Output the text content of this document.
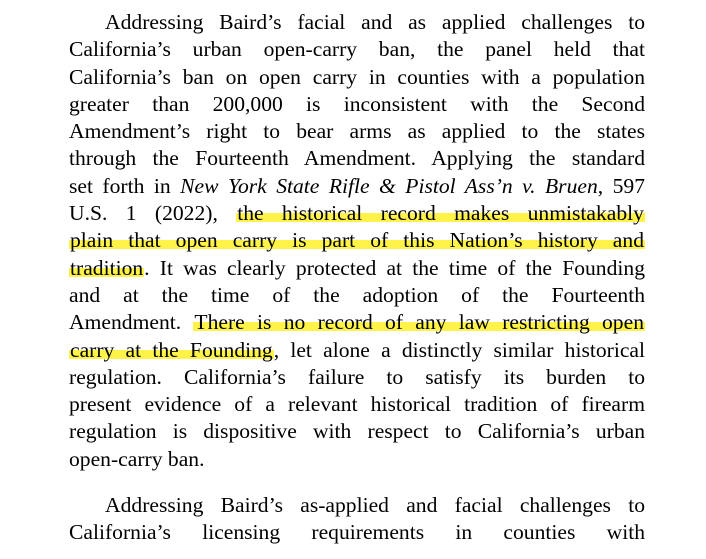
Addressing Baird’s facial and as applied challenges to
California’s urban open-carry ban, the panel held that
California’s ban on open carry in counties with a population
greater than 200,000 is inconsistent with the Second
Amendment’s right to bear arms as applied to the states
through the Fourteenth Amendment. Applying the standard
set forth in New York State Rifle & Pistol Ass’n v. Bruen, 597
U.S. 1 (2022), the historical record makes unmistakably
plain that open carry is part of this Nation’s history and
tradition. It was clearly protected at the time of the Founding
and at the time of the adoption of the Fourteenth
Amendment. There is no record of any law restricting open
carry at the Founding, let alone a distinctly similar historical
regulation. California’s failure to satisfy its burden to
present evidence of a relevant historical tradition of firearm
regulation is dispositive with respect to California’s urban
open-carry ban.
Addressing Baird’s as-applied and facial challenges to
California’s licensing requirements in counties with
